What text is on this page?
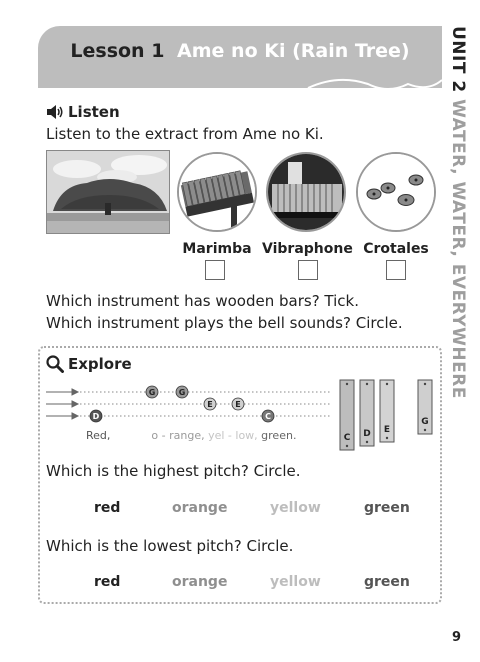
Lesson 1 Ame no Ki (Rain Tree)	UNIT 2 WATER, WATER, EVERYWHERE
Listen
Listen to the extract from Ame no Ki.
Marimba Vibraphone Crotales
Which instrument has wooden bars? Tick.
Which instrument plays the bell sounds? Circle.
Explore
D
G	G
E	E
C
Red,	o - range, yel - low, green.	C D E
G
Which is the highest pitch? Circle.
red	orange	yellow	green
Which is the lowest pitch? Circle.
red	orange	yellow	green
9
